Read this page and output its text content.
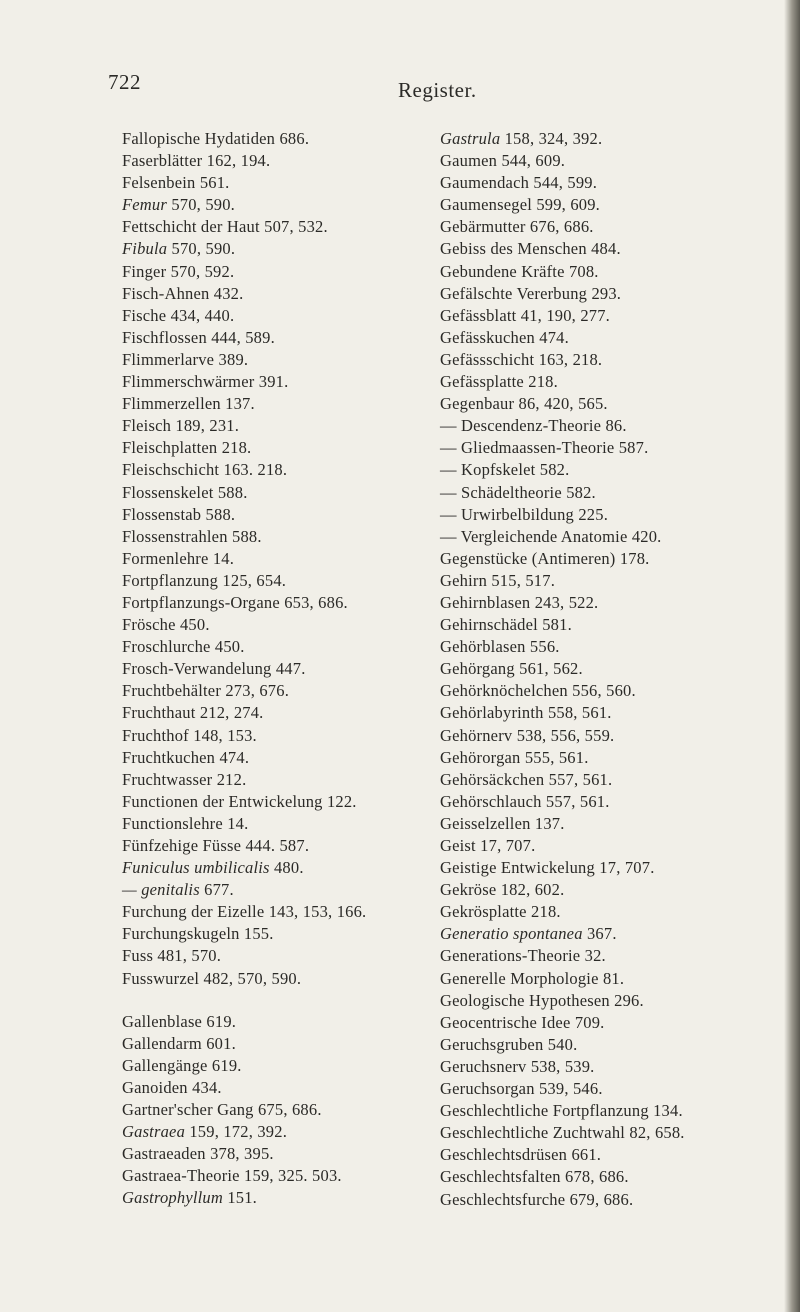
722	Register.
Fallopische Hydatiden 686.
Faserblätter 162, 194.
Felsenbein 561.
Femur 570, 590.
Fettschicht der Haut 507, 532.
Fibula 570, 590.
Finger 570, 592.
Fisch-Ahnen 432.
Fische 434, 440.
Fischflossen 444, 589.
Flimmerlarve 389.
Flimmerschwärmer 391.
Flimmerzellen 137.
Fleisch 189, 231.
Fleischplatten 218.
Fleischschicht 163. 218.
Flossenskelet 588.
Flossenstab 588.
Flossenstrahlen 588.
Formenlehre 14.
Fortpflanzung 125, 654.
Fortpflanzungs-Organe 653, 686.
Frösche 450.
Froschlurche 450.
Frosch-Verwandelung 447.
Fruchtbehälter 273, 676.
Fruchthaut 212, 274.
Fruchthof 148, 153.
Fruchtkuchen 474.
Fruchtwasser 212.
Functionen der Entwickelung 122.
Functionslehre 14.
Fünfzehige Füsse 444. 587.
Funiculus umbilicalis 480.
— genitalis 677.
Furchung der Eizelle 143, 153, 166.
Furchungskugeln 155.
Fuss 481, 570.
Fusswurzel 482, 570, 590.
Gallenblase 619.
Gallendarm 601.
Gallengänge 619.
Ganoiden 434.
Gartner'scher Gang 675, 686.
Gastraea 159, 172, 392.
Gastraeaden 378, 395.
Gastraea-Theorie 159, 325. 503.
Gastrophyllum 151.
Gastrula 158, 324, 392.
Gaumen 544, 609.
Gaumendach 544, 599.
Gaumensegel 599, 609.
Gebärmutter 676, 686.
Gebiss des Menschen 484.
Gebundene Kräfte 708.
Gefälschte Vererbung 293.
Gefässblatt 41, 190, 277.
Gefässkuchen 474.
Gefässschicht 163, 218.
Gefässplatte 218.
Gegenbaur 86, 420, 565.
— Descendenz-Theorie 86.
— Gliedmaassen-Theorie 587.
— Kopfskelet 582.
— Schädeltheorie 582.
— Urwirbelbildung 225.
— Vergleichende Anatomie 420.
Gegenstücke (Antimeren) 178.
Gehirn 515, 517.
Gehirnblasen 243, 522.
Gehirnschädel 581.
Gehörblasen 556.
Gehörgang 561, 562.
Gehörknöchelchen 556, 560.
Gehörlabyrinth 558, 561.
Gehörnerv 538, 556, 559.
Gehörorgan 555, 561.
Gehörsäckchen 557, 561.
Gehörschlauch 557, 561.
Geisselzellen 137.
Geist 17, 707.
Geistige Entwickelung 17, 707.
Gekröse 182, 602.
Gekrösplatte 218.
Generatio spontanea 367.
Generations-Theorie 32.
Generelle Morphologie 81.
Geologische Hypothesen 296.
Geocentrische Idee 709.
Geruchsgruben 540.
Geruchsnerv 538, 539.
Geruchsorgan 539, 546.
Geschlechtliche Fortpflanzung 134.
Geschlechtliche Zuchtwahl 82, 658.
Geschlechtsdrüsen 661.
Geschlechtsfalten 678, 686.
Geschlechtsfurche 679, 686.
